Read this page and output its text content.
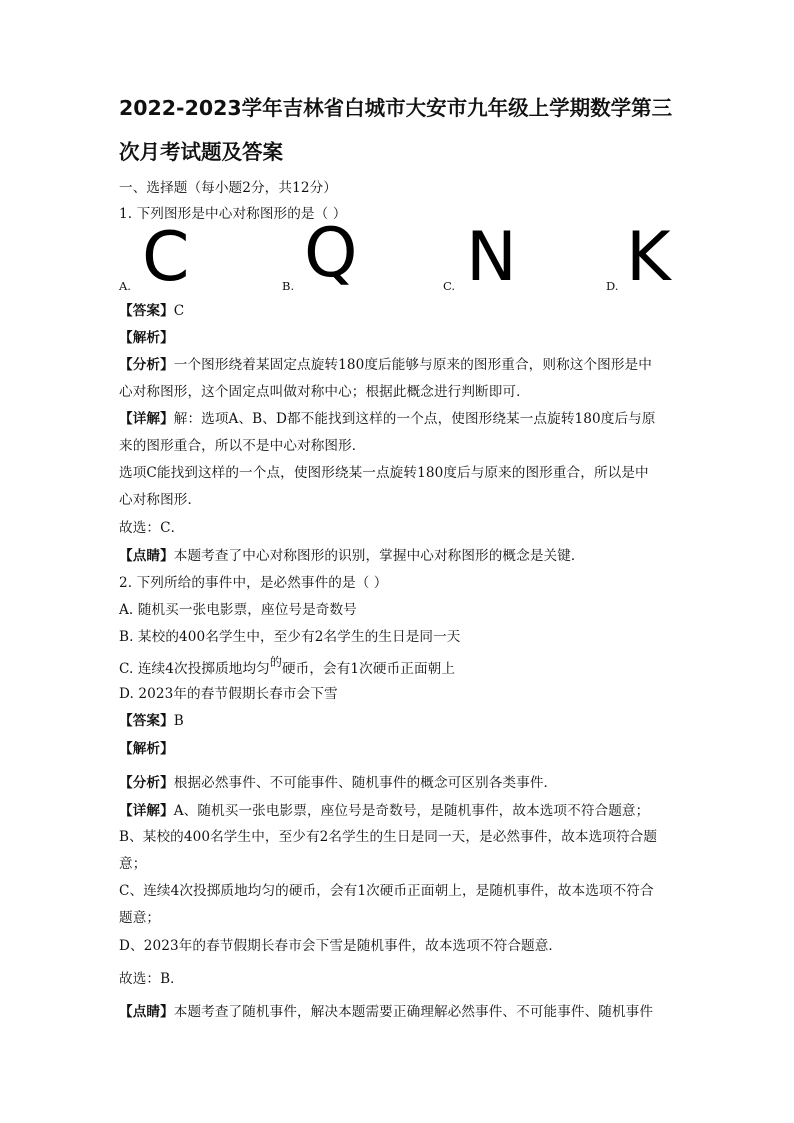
2022-2023学年吉林省白城市大安市九年级上学期数学第三
次月考试题及答案
一、选择题（每小题2分，共12分）
1. 下列图形是中心对称图形的是（ ）
A. C	B. Q	C. N	D. K
【答案】C
【解析】
【分析】一个图形绕着某固定点旋转180度后能够与原来的图形重合，则称这个图形是中
心对称图形，这个固定点叫做对称中心；根据此概念进行判断即可．
【详解】解：选项A、B、D都不能找到这样的一个点，使图形绕某一点旋转180度后与原
来的图形重合，所以不是中心对称图形．
选项C能找到这样的一个点，使图形绕某一点旋转180度后与原来的图形重合，所以是中
心对称图形．
故选：C．
【点睛】本题考查了中心对称图形的识别，掌握中心对称图形的概念是关键．
2. 下列所给的事件中，是必然事件的是（ ）
A. 随机买一张电影票，座位号是奇数号
B. 某校的400名学生中，至少有2名学生的生日是同一天
C. 连续4次投掷质地均匀的硬币，会有1次硬币正面朝上
D. 2023年的春节假期长春市会下雪
【答案】B
【解析】
【分析】根据必然事件、不可能事件、随机事件的概念可区别各类事件．
【详解】A、随机买一张电影票，座位号是奇数号，是随机事件，故本选项不符合题意；
B、某校的400名学生中，至少有2名学生的生日是同一天，是必然事件，故本选项符合题
意；
C、连续4次投掷质地均匀的硬币，会有1次硬币正面朝上，是随机事件，故本选项不符合
题意；
D、2023年的春节假期长春市会下雪是随机事件，故本选项不符合题意．
故选：B．
【点睛】本题考查了随机事件，解决本题需要正确理解必然事件、不可能事件、随机事件
